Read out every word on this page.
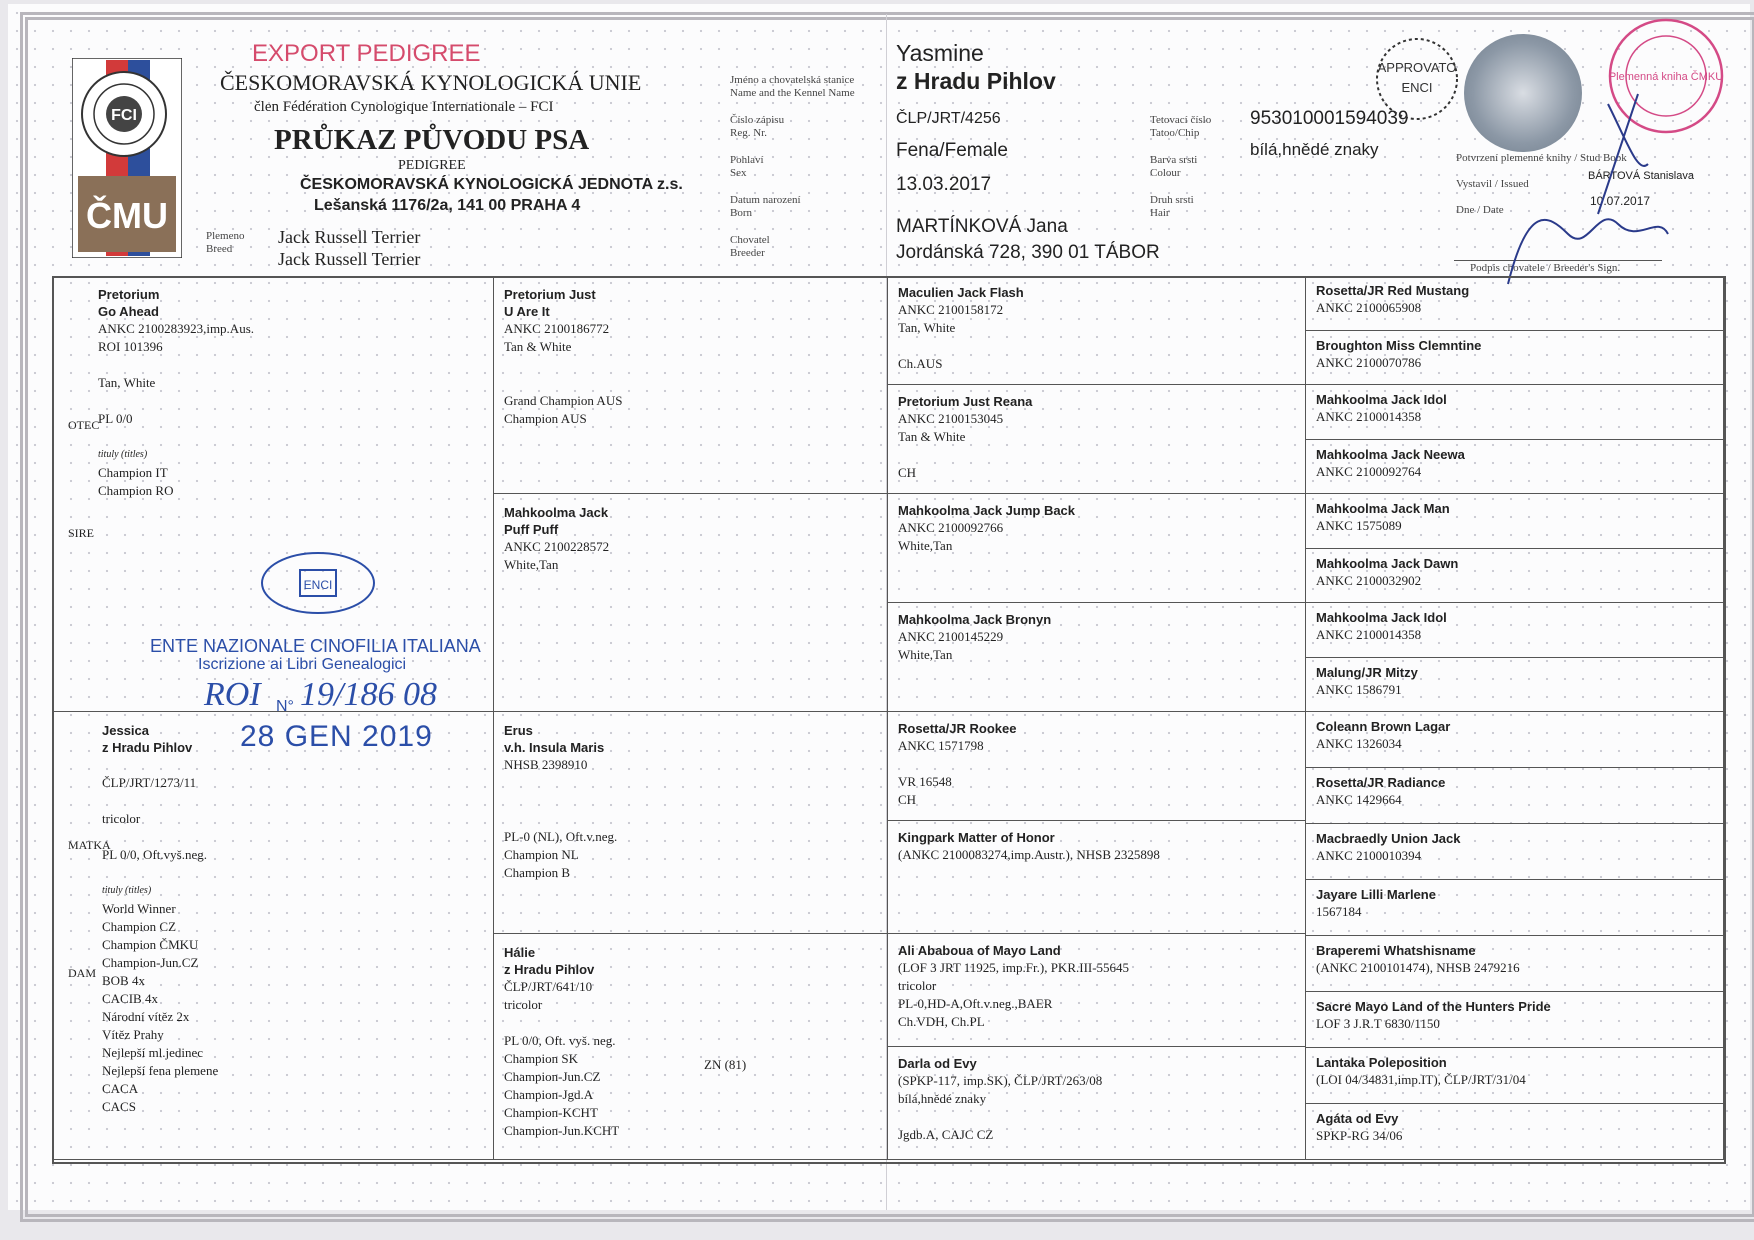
FCI
ČMU
EXPORT PEDIGREE
ČESKOMORAVSKÁ KYNOLOGICKÁ UNIE
člen Fédération Cynologique Internationale – FCI
PRŮKAZ PŮVODU PSA
PEDIGREE
ČESKOMORAVSKÁ KYNOLOGICKÁ JEDNOTA z.s.
Lešanská 1176/2a, 141 00 PRAHA 4
Plemeno
Breed
Jack Russell Terrier
Jack Russell Terrier
Jméno a chovatelská stanice
Name and the Kennel Name
Číslo zápisu
Reg. Nr.
Pohlaví
Sex
Datum narození
Born
Chovatel
Breeder
Yasmine
z Hradu Pihlov
ČLP/JRT/4256
Fena/Female
13.03.2017
MARTÍNKOVÁ Jana
Jordánská 728, 390 01 TÁBOR
Tetovací číslo
Tatoo/Chip
Barva srsti
Colour
Druh srsti
Hair
953010001594039
bílá,hnědé znaky	Potvrzení plemenné knihy / Stud Book
Vystavil / Issued
BÁRTOVÁ Stanislava
Dne / Date
10.07.2017
Podpis chovatele / Breeder's Sign.
APPROVATO
ENCI
Plemenná kniha ČMKU
OTEC
SIRE
MATKA
DAM
Pretorium
Go Ahead
ANKC 2100283923,imp.Aus.
ROI 101396

Tan, White

PL 0/0

tituly (titles)
Champion IT
Champion RO
Jessica
z Hradu Pihlov

ČLP/JRT/1273/11

tricolor

PL 0/0, Oft.vyš.neg.

tituly (titles)
World Winner
Champion CZ
Champion ČMKU
Champion-Jun.CZ
BOB 4x
CACIB 4x
Národní vítěz 2x
Vítěz Prahy
Nejlepší ml.jedinec
Nejlepší fena plemene
CACA
CACS
ENCI
ENTE NAZIONALE CINOFILIA ITALIANA
Iscrizione ai Libri Genealogici
ROI N° 19/186 08
28 GEN 2019
Pretorium Just
U Are It
ANKC 2100186772
Tan & White

Grand Champion AUS
Champion AUS
Mahkoolma Jack
Puff Puff
ANKC 2100228572
White,Tan
Erus
v.h. Insula Maris
NHSB 2398910

PL-0 (NL), Oft.v.neg.
Champion NL
Champion B
Hálie
z Hradu Pihlov
ČLP/JRT/641/10
tricolor

PL 0/0, Oft. vyš. neg.
Champion SK
Champion-Jun.CZ
Champion-Jgd.A
Champion-KCHT
Champion-Jun.KCHT
ZN (81)
Maculien Jack Flash
ANKC 2100158172
Tan, White

Ch.AUS
Pretorium Just Reana
ANKC 2100153045
Tan & White

CH
Mahkoolma Jack Jump Back
ANKC 2100092766
White,Tan
Mahkoolma Jack Bronyn
ANKC 2100145229
White,Tan
Rosetta/JR Rookee
ANKC 1571798

VR 16548
CH
Kingpark Matter of Honor
(ANKC 2100083274,imp.Austr.), NHSB 2325898
Ali Ababoua of Mayo Land
(LOF 3 JRT 11925, imp.Fr.), PKR.III-55645
tricolor
PL-0,HD-A,Oft.v.neg.,BAER
Ch.VDH, Ch.PL
Darla od Evy
(SPKP-117, imp.SK), ČLP/JRT/263/08
bílá,hnědé znaky

Jgdb.A, CAJC CZ
Rosetta/JR Red Mustang
ANKC 2100065908
Broughton Miss Clemntine
ANKC 2100070786
Mahkoolma Jack Idol
ANKC 2100014358
Mahkoolma Jack Neewa
ANKC 2100092764
Mahkoolma Jack Man
ANKC 1575089
Mahkoolma Jack Dawn
ANKC 2100032902
Mahkoolma Jack Idol
ANKC 2100014358
Malung/JR Mitzy
ANKC 1586791
Coleann Brown Lagar
ANKC 1326034
Rosetta/JR Radiance
ANKC 1429664
Macbraedly Union Jack
ANKC 2100010394
Jayare Lilli Marlene
1567184
Braperemi Whatshisname
(ANKC 2100101474), NHSB 2479216
Sacre Mayo Land of the Hunters Pride
LOF 3 J.R.T 6830/1150
Lantaka Poleposition
(LOI 04/34831,imp.IT), ČLP/JRT/31/04
Agáta od Evy
SPKP-RG 34/06
